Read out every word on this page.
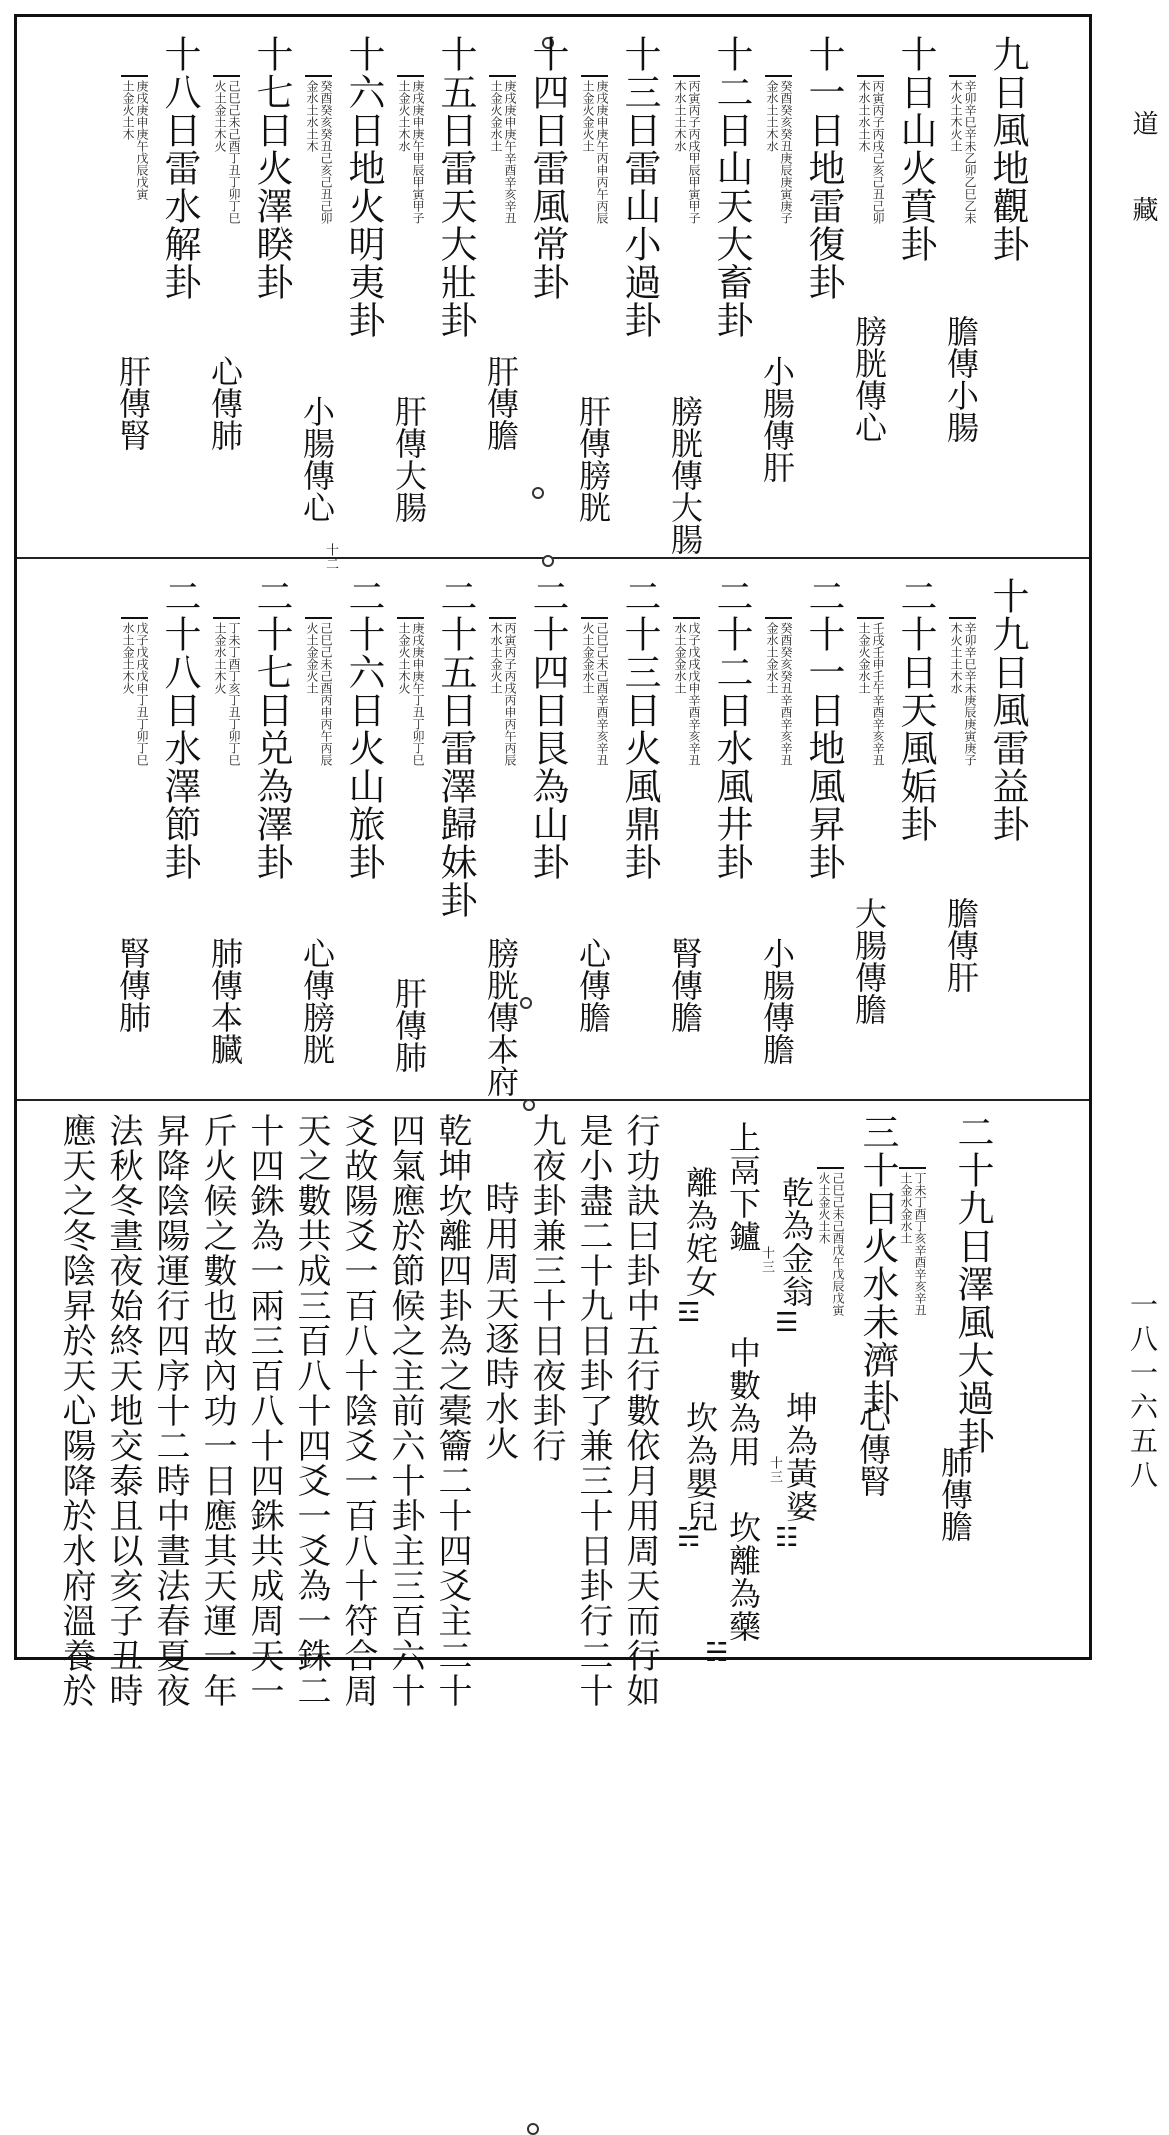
道藏
一八一六五八
九日風地觀卦
辛卯辛巳辛未乙卯乙巳乙未
木火土木火土
膽傳小腸
十日山火賁卦
丙寅丙子丙戌己亥己丑己卯
木水土水土木
膀胱傳心
十一日地雷復卦
癸酉癸亥癸丑庚辰庚寅庚子
金水土土木水
小腸傳肝
十二日山天大畜卦
丙寅丙子丙戌甲辰甲寅甲子
木水土土木水
膀胱傳大腸
十三日雷山小過卦
庚戌庚申庚午丙申丙午丙辰
土金火金火土
肝傳膀胱
十四日雷風常卦
庚戌庚申庚午辛酉辛亥辛丑
土金火金水土
肝傳膽
十五日雷天大壯卦
庚戌庚申庚午甲辰甲寅甲子
土金火土木水
肝傳大腸
十六日地火明夷卦
癸酉癸亥癸丑己亥己丑己卯
金水土水土木
小腸傳心
十二
十七日火澤睽卦
己巳己未己酉丁丑丁卯丁巳
火土金土木火
心傳肺
十八日雷水解卦
庚戌庚申庚午戊辰戊寅
土金火土木
肝傳腎
十九日風雷益卦
辛卯辛巳辛未庚辰庚寅庚子
木火土土木水
膽傳肝
二十日天風姤卦
壬戌壬申壬午辛酉辛亥辛丑
土金火金水土
大腸傳膽
二十一日地風昇卦
癸酉癸亥癸丑辛酉辛亥辛丑
金水土金水土
小腸傳膽
二十二日水風井卦
戊子戊戌戊申辛酉辛亥辛丑
水土金金水土
腎傳膽
二十三日火風鼎卦
己巳己未己酉辛酉辛亥辛丑
火土金金水土
心傳膽
二十四日艮為山卦
丙寅丙子丙戌丙申丙午丙辰
木水土金火土
膀胱傳本府
二十五日雷澤歸妹卦
庚戌庚申庚午丁丑丁卯丁巳
土金火土木火
肝傳肺
二十六日火山旅卦
己巳己未己酉丙申丙午丙辰
火土金金火土
心傳膀胱
二十七日兑為澤卦
丁未丁酉丁亥丁丑丁卯丁巳
土金水土木火
肺傳本臓
二十八日水澤節卦
戊子戊戌戊申丁丑丁卯丁巳
水土金土木火
腎傳肺
二十九日澤風大過卦
丁未丁酉丁亥辛酉辛亥辛丑
土金水金水土
肺傳膽
三十日火水未濟卦
己巳己未己酉戊午戊辰戊寅
火土金火土木
心傳腎
乾為金翁
☰
坤為黃婆
☷
十三
十三
上鬲下鑪
中數為用
坎離為藥
☵
離為姹女
☲
坎為嬰兒
☵
行功訣曰卦中五行數依月用周天而行如
是小盡二十九日卦了兼三十日卦行二十
九夜卦兼三十日夜卦行
時用周天逐時水火
乾坤坎離四卦為之橐籥二十四爻主二十
四氣應於節候之主前六十卦主三百六十
爻故陽爻一百八十陰爻一百八十符合周
天之數共成三百八十四爻一爻為一銖二
十四銖為一兩三百八十四銖共成周天一
斤火候之數也故內功一日應其天運一年
昇降陰陽運行四序十二時中晝法春夏夜
法秋冬晝夜始終天地交泰且以亥子丑時
應天之冬陰昇於天心陽降於水府溫養於
